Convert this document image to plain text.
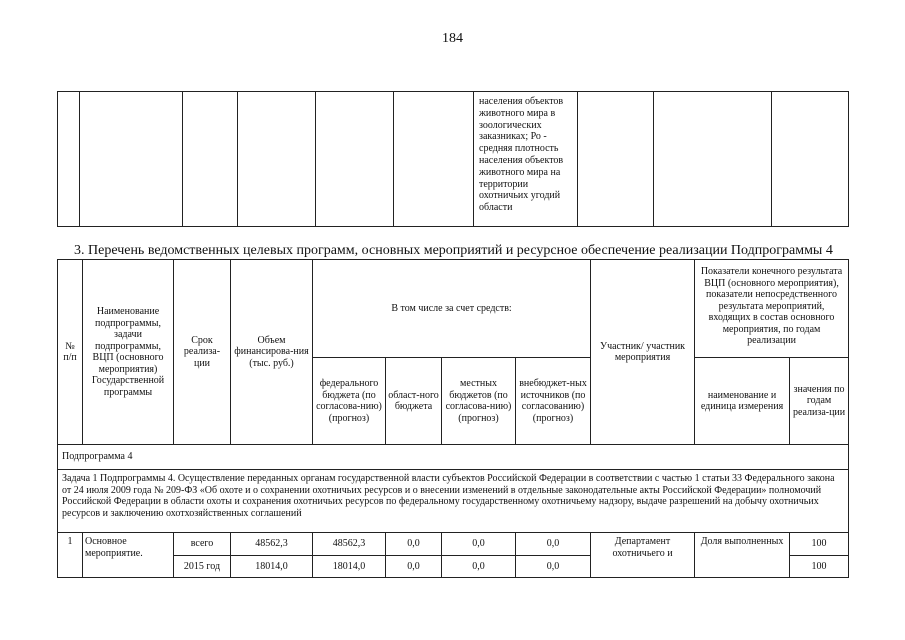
184
						населения объектов животного мира в зоологических заказниках; Ро - средняя плотность населения объектов животного мира на территории охотничьих угодий области			
3. Перечень ведомственных целевых программ, основных мероприятий и ресурсное обеспечение реализации Подпрограммы 4
№ п/п	Наименование подпрограммы, задачи подпрограммы, ВЦП (основного мероприятия) Государственной программы	Срок реализа-ции	Объем финансирова-ния (тыс. руб.)	В том числе за счет средств:				Участник/ участник мероприятия	Показатели конечного результата ВЦП (основного мероприятия), показатели непосредственного результата мероприятий, входящих в состав основного мероприятия, по годам реализации	
				федерального бюджета (по согласова-нию) (прогноз)	област-ного бюджета	местных бюджетов (по согласова-нию) (прогноз)	внебюджет-ных источников (по согласованию) (прогноз)		наименование и единица измерения	значения по годам реализа-ции
Подпрограмма 4										
Задача 1 Подпрограммы 4. Осуществление переданных органам государственной власти субъектов Российской Федерации в соответствии с частью 1 статьи 33 Федерального закона от 24 июля 2009 года № 209-ФЗ «Об охоте и о сохранении охотничьих ресурсов и о внесении изменений в отдельные законодательные акты Российской Федерации» полномочий Российской Федерации в области охоты и сохранения охотничьих ресурсов по федеральному государственному охотничьему надзору, выдаче разрешений на добычу охотничьих ресурсов и заключению охотхозяйственных соглашений										
1	Основное мероприятие.	всего	48562,3	48562,3	0,0	0,0	0,0	Департамент охотничьего и	Доля выполненных	100
		2015 год	18014,0	18014,0	0,0	0,0	0,0			100
